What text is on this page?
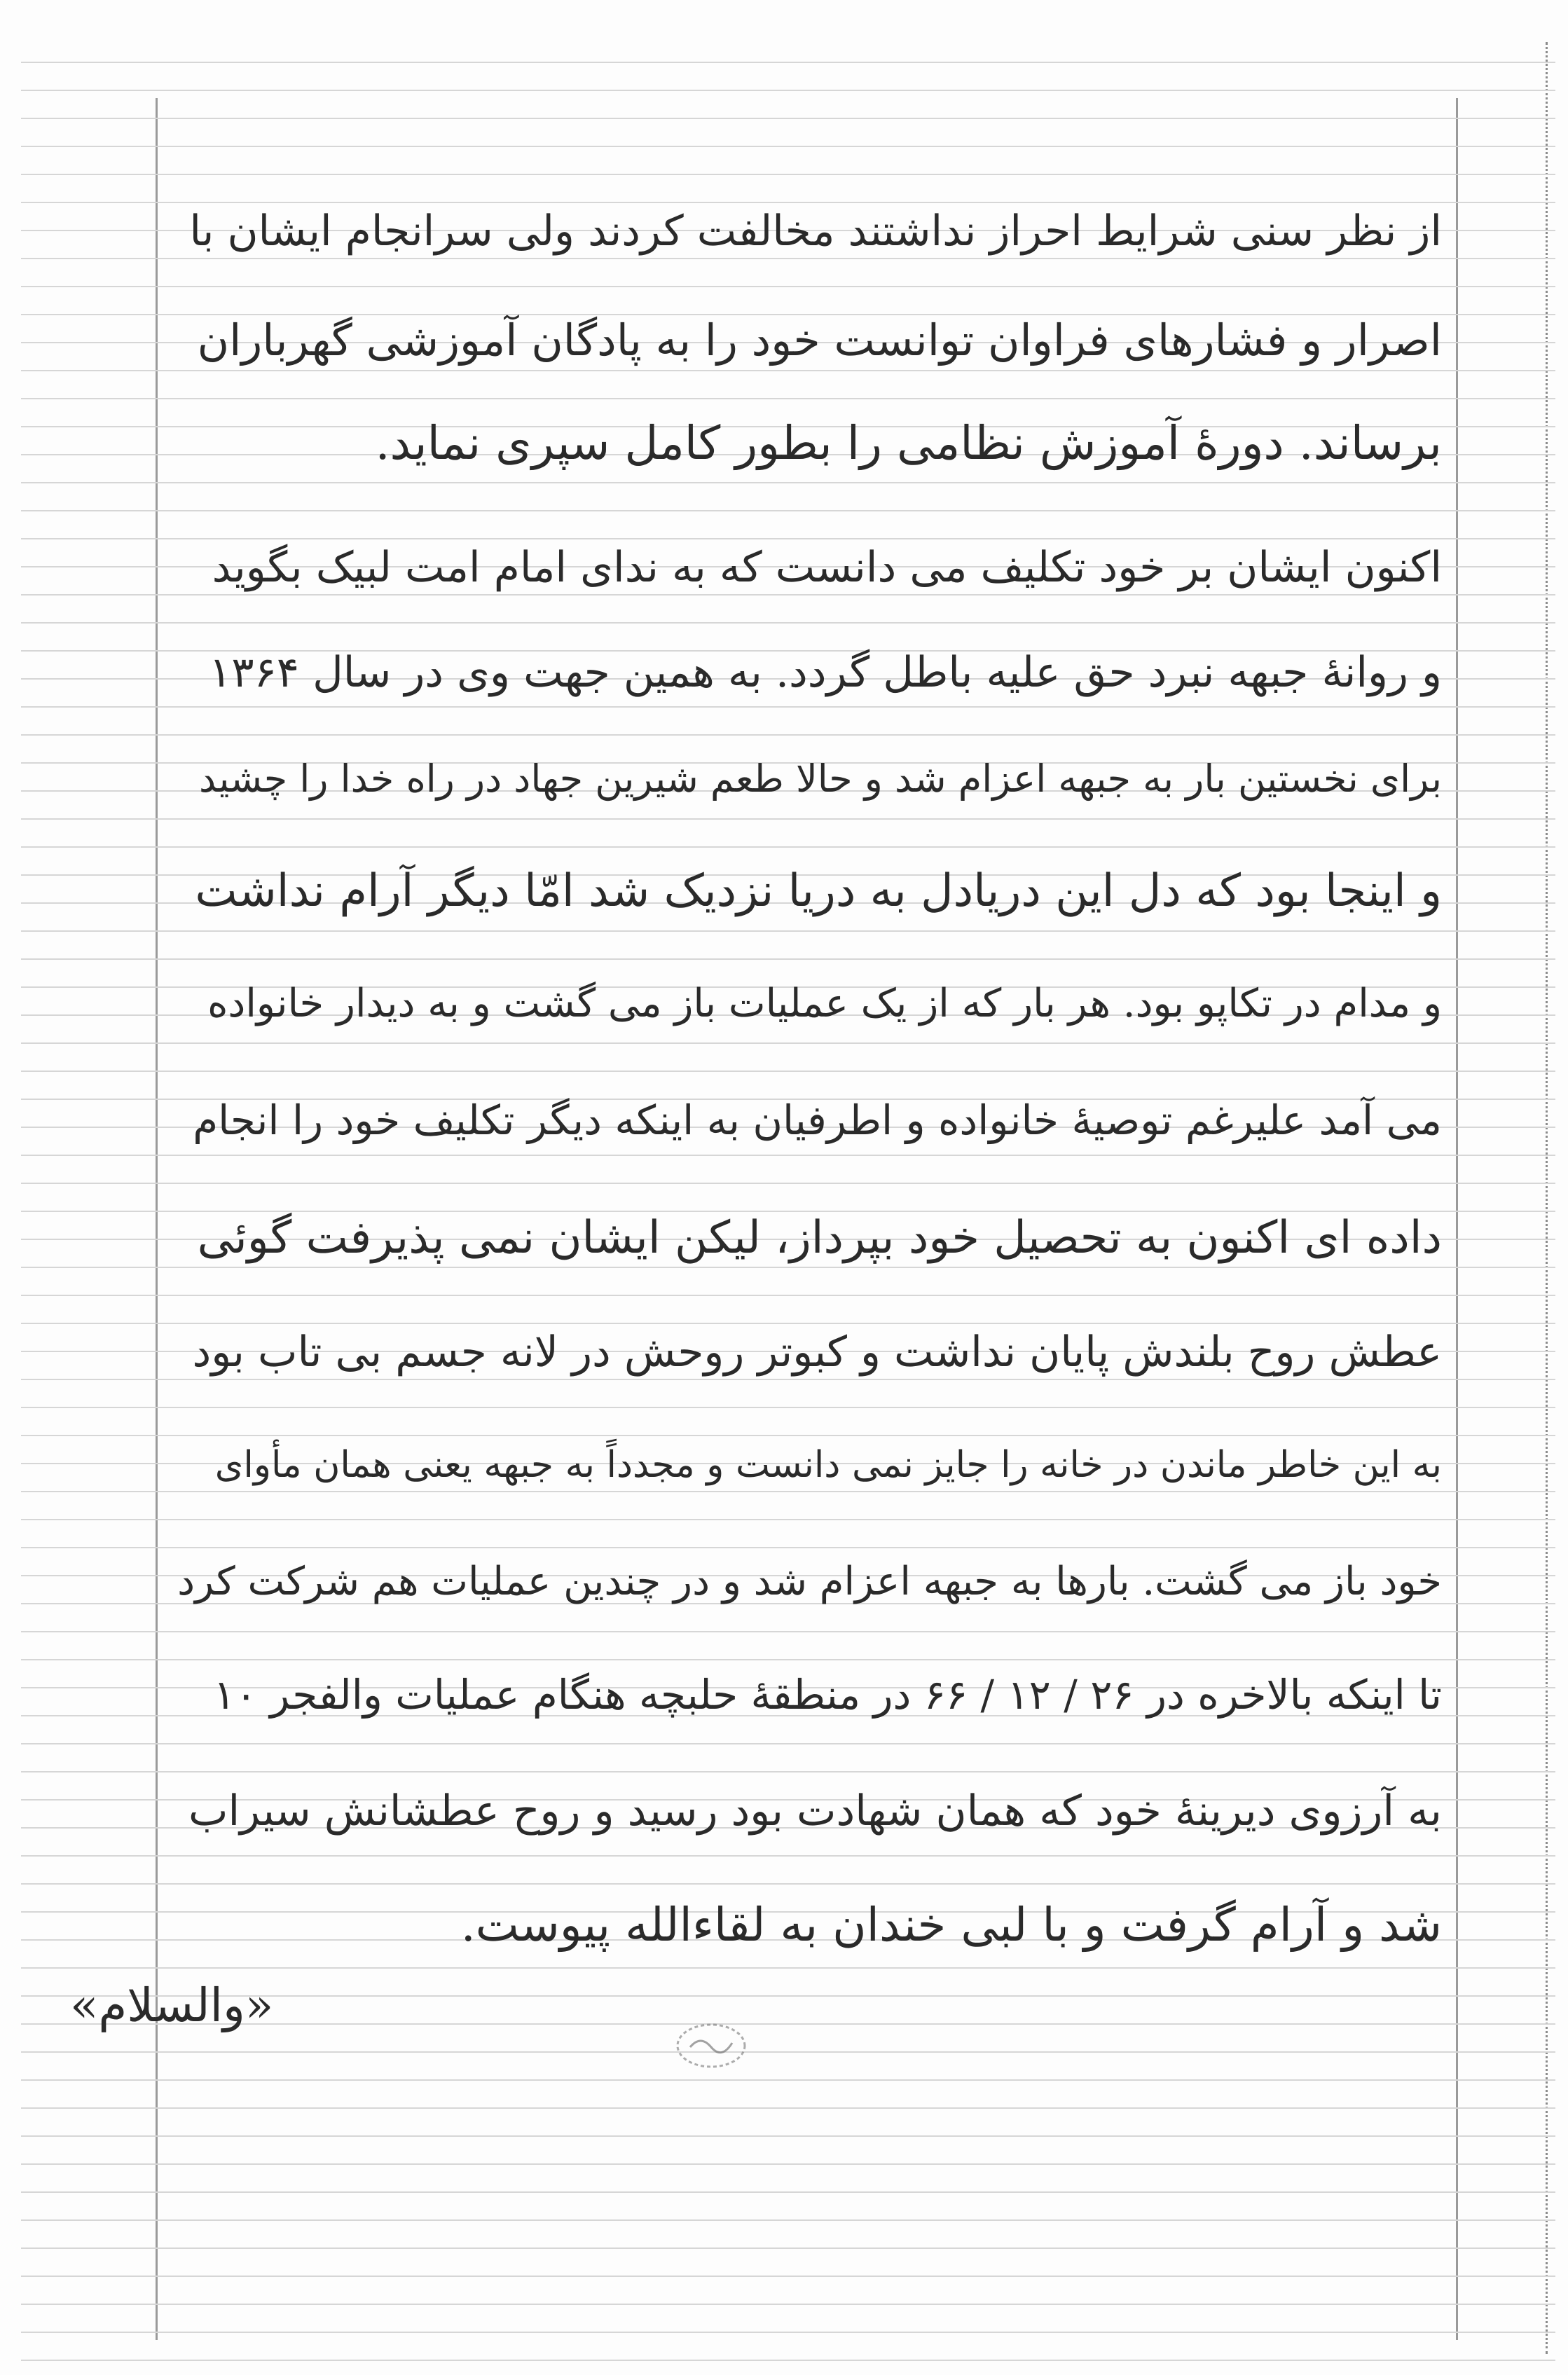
از نظر سنی شرایط احراز نداشتند مخالفت کردند ولی سرانجام ایشان با
اصرار و فشارهای فراوان توانست خود را به پادگان آموزشی گهرباران
برساند. دورهٔ آموزش نظامی را بطور کامل سپری نماید.
اکنون ایشان بر خود تکلیف می دانست که به ندای امام امت لبیک بگوید
و روانهٔ جبهه نبرد حق علیه باطل گردد. به همین جهت وی در سال ۱۳۶۴
برای نخستین بار به جبهه اعزام شد و حالا طعم شیرین جهاد در راه خدا را چشید
و اینجا بود که دل این دریادل به دریا نزدیک شد امّا دیگر آرام نداشت
و مدام در تکاپو بود. هر بار که از یک عملیات باز می گشت و به دیدار خانواده
می آمد علیرغم توصیهٔ خانواده و اطرفیان به اینکه دیگر تکلیف خود را انجام
داده ای اکنون به تحصیل خود بپرداز، لیکن ایشان نمی پذیرفت گوئی
عطش روح بلندش پایان نداشت و کبوتر روحش در لانه جسم بی تاب بود
به این خاطر ماندن در خانه را جایز نمی دانست و مجدداً به جبهه یعنی همان مأوای
خود باز می گشت. بارها به جبهه اعزام شد و در چندین عملیات هم شرکت کرد
تا اینکه بالاخره در ۲۶ / ۱۲ / ۶۶ در منطقهٔ حلبچه هنگام عملیات والفجر ۱۰
به آرزوی دیرینهٔ خود که همان شهادت بود رسید و روح عطشانش سیراب
شد و آرام گرفت و با لبی خندان به لقاءالله پیوست.
«والسلام»
